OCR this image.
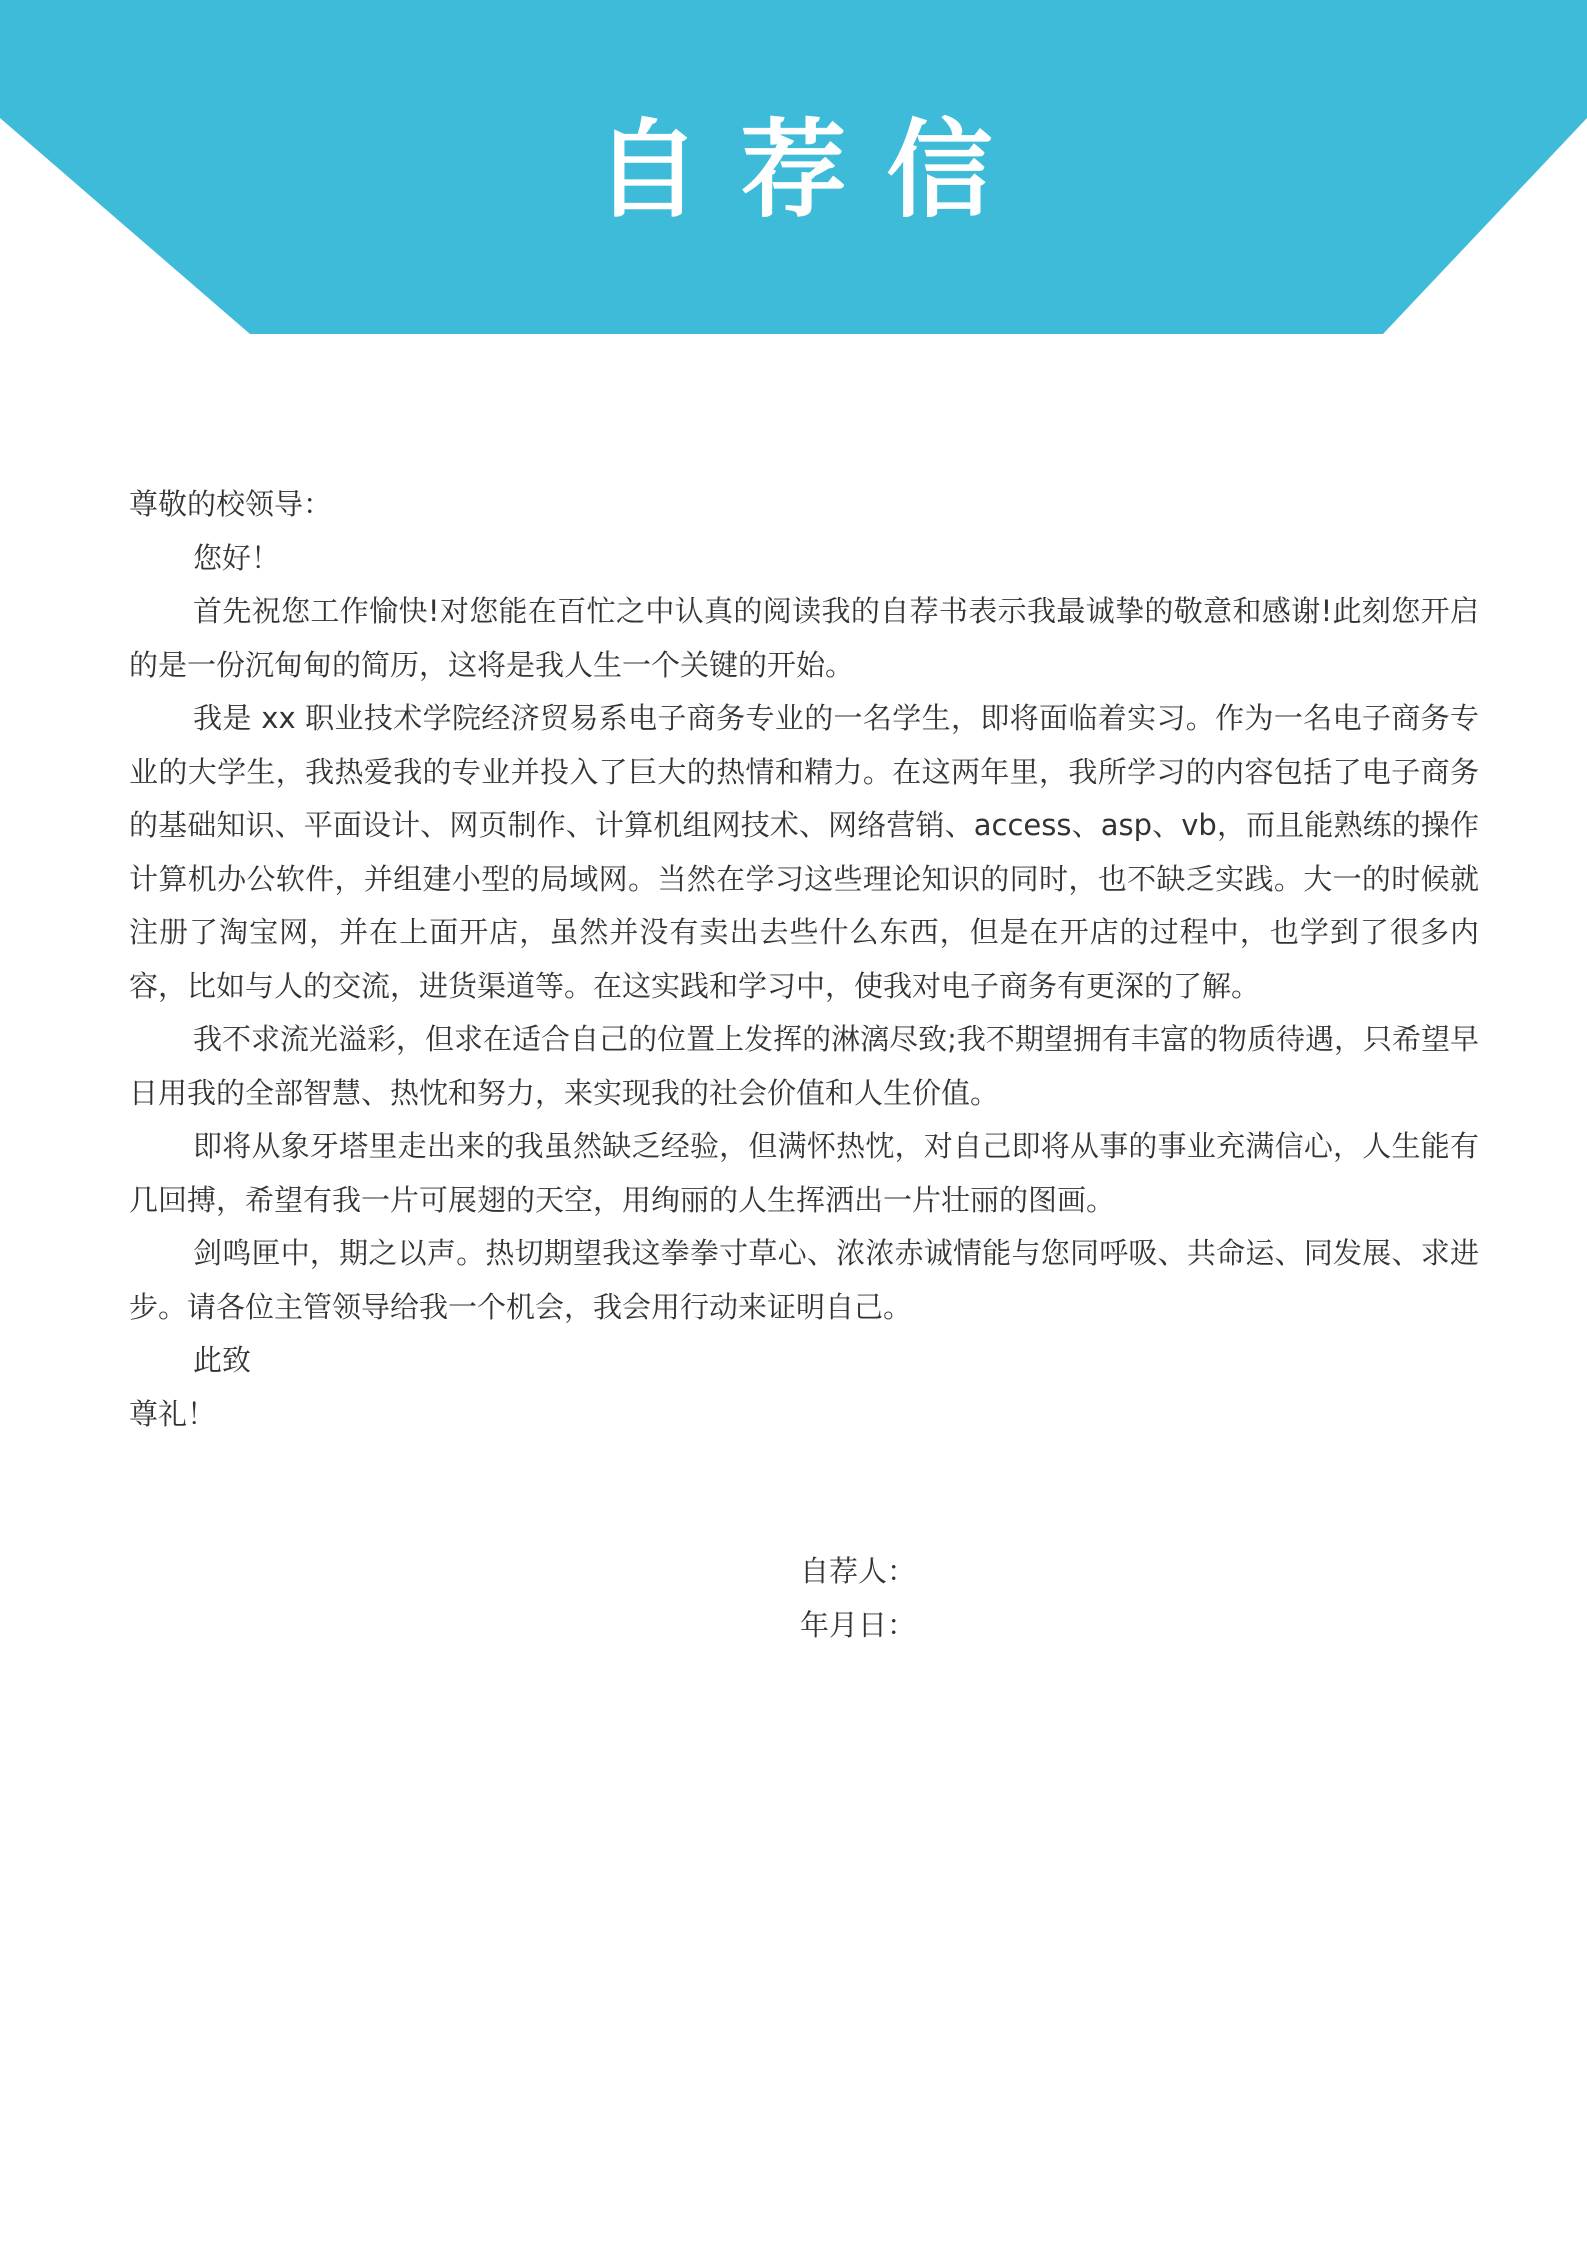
自荐信

尊敬的校领导：

您好！

首先祝您工作愉快!对您能在百忙之中认真的阅读我的自荐书表示我最诚挚的敬意和感谢!此刻您开启的是一份沉甸甸的简历，这将是我人生一个关键的开始。

我是 xx 职业技术学院经济贸易系电子商务专业的一名学生，即将面临着实习。作为一名电子商务专业的大学生，我热爱我的专业并投入了巨大的热情和精力。在这两年里，我所学习的内容包括了电子商务的基础知识、平面设计、网页制作、计算机组网技术、网络营销、access、asp、vb，而且能熟练的操作计算机办公软件，并组建小型的局域网。当然在学习这些理论知识的同时，也不缺乏实践。大一的时候就注册了淘宝网，并在上面开店，虽然并没有卖出去些什么东西，但是在开店的过程中，也学到了很多内容，比如与人的交流，进货渠道等。在这实践和学习中，使我对电子商务有更深的了解。

我不求流光溢彩，但求在适合自己的位置上发挥的淋漓尽致;我不期望拥有丰富的物质待遇，只希望早日用我的全部智慧、热忱和努力，来实现我的社会价值和人生价值。

即将从象牙塔里走出来的我虽然缺乏经验，但满怀热忱，对自己即将从事的事业充满信心，人生能有几回搏，希望有我一片可展翅的天空，用绚丽的人生挥洒出一片壮丽的图画。

剑鸣匣中，期之以声。热切期望我这拳拳寸草心、浓浓赤诚情能与您同呼吸、共命运、同发展、求进步。请各位主管领导给我一个机会，我会用行动来证明自己。

此致

尊礼！

自荐人：

年月日：
